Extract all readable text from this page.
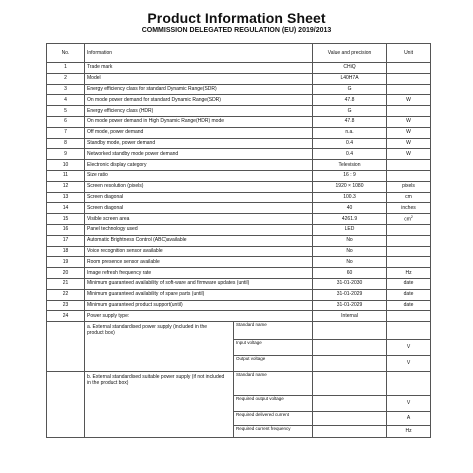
Product Information Sheet
COMMISSION DELEGATED REGULATION (EU) 2019/2013
No.	Information		Value and precision	Unit
1	Trade mark		CHiQ	
2	Model		L40H7A	
3	Energy efficiency class for standard Dynamic Range(SDR)		G	
4	On mode power demand for standard Dynamic Range(SDR)		47.8	W
5	Energy efficiency class (HDR)		G	
6	On mode power demand in High Dynamic Range(HDR) mode		47.8	W
7	Off mode, power demand		n.a.	W
8	Standby mode, power demand		0.4	W
9	Networked standby mode power demand		0.4	W
10	Electronic display category		Television	
11	Size ratio		16 : 9	
12	Screen resolution (pixels)		1920 × 1080	pixels
13	Screen diagonal		100.3	cm
14	Screen diagonal		40	inches
15	Visible screen area		4261.9	$cm^2$
16	Panel technology used		LED	
17	Automatic Brightness Control (ABC)available		No	
18	Voice recognition sensor available		No	
19	Room presence sensor available		No	
20	Image refresh frequency rate		60	Hz
21	Minimum guaranteed availability of soft-ware and firmware updates (until)		31-01-2030	date
22	Minimum guaranteed availability of spare parts (until)		31-01-2029	date
23	Minimum guaranteed product support(until)		31-01-2029	date
24	Power supply type:		Internal	
	a. External standardised power supply (included in the product box)	Standard name		
		Input voltage		V
		Output voltage		V
	b. External standardised suitable power supply (if not included in the product box)	Standard name		
		Required output voltage		V
		Required delivered current		A
		Required current frequency		Hz
